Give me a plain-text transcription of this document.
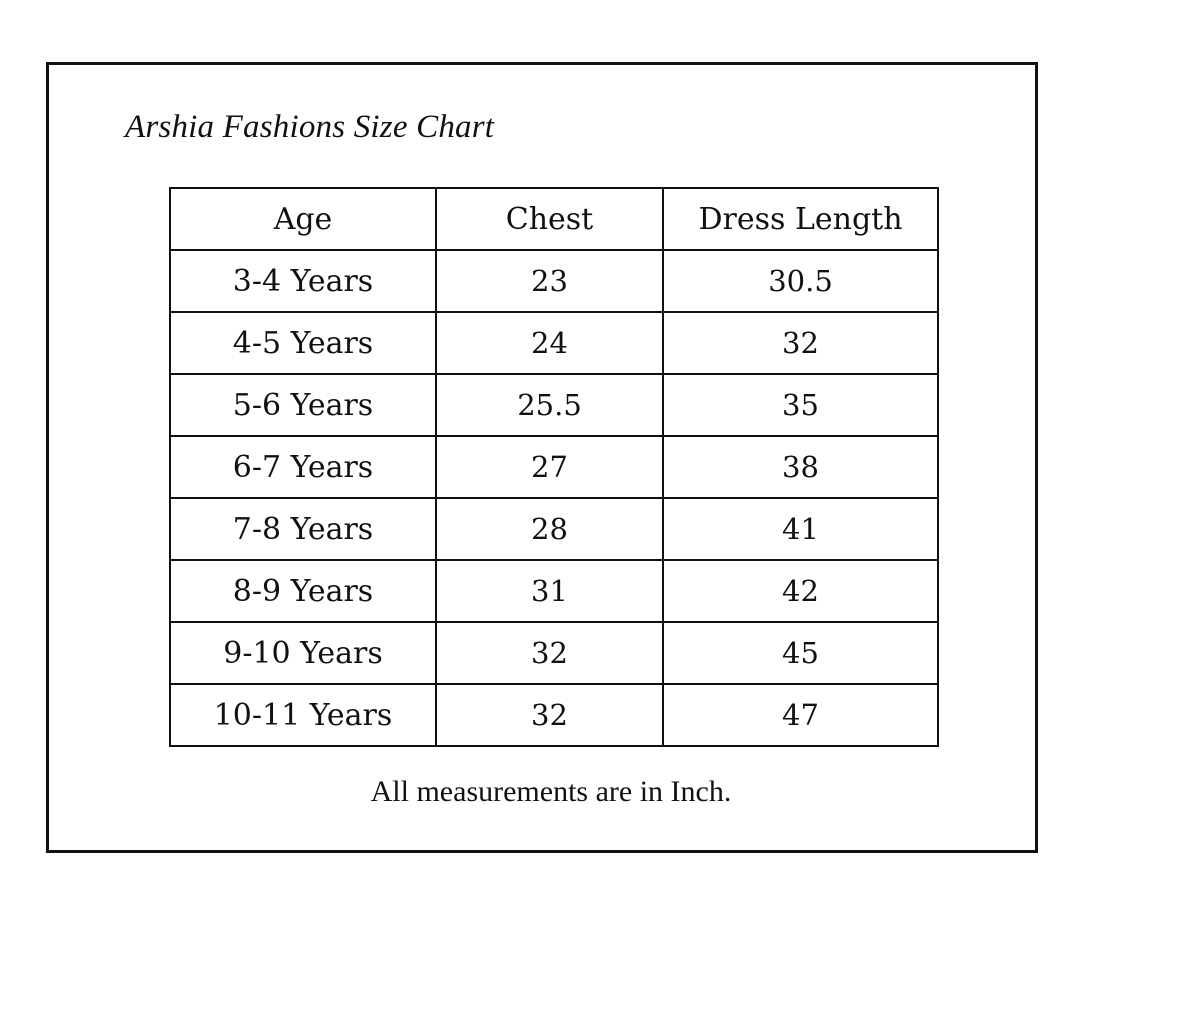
Arshia Fashions Size Chart
Age	Chest	Dress Length
3-4 Years	23	30.5
4-5 Years	24	32
5-6 Years	25.5	35
6-7 Years	27	38
7-8 Years	28	41
8-9 Years	31	42
9-10 Years	32	45
10-11 Years	32	47

All measurements are in Inch.
